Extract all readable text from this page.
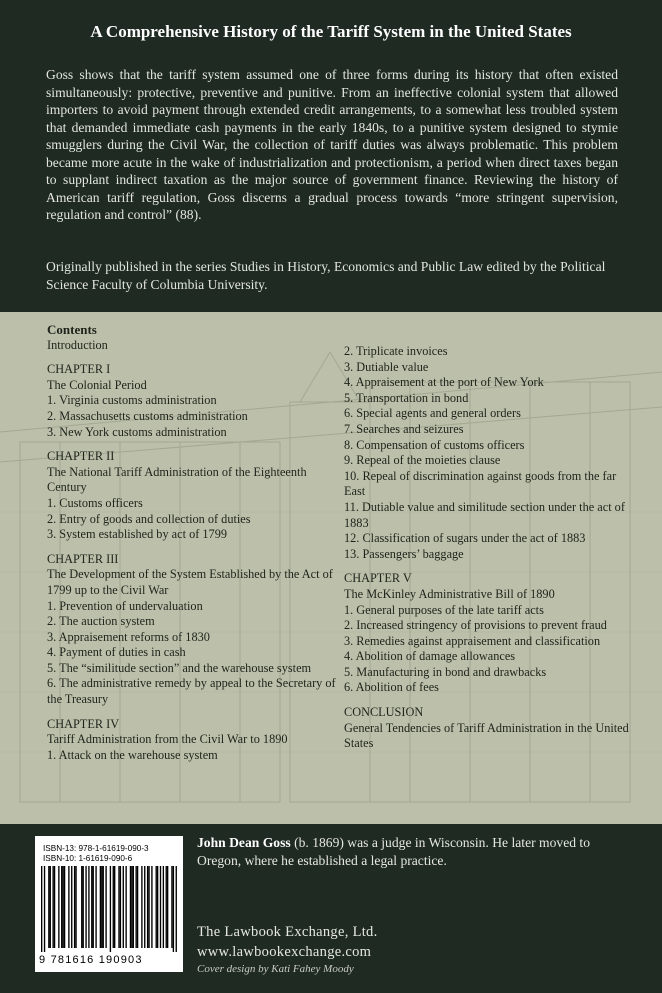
A Comprehensive History of the Tariff System in the United States

Goss shows that the tariff system assumed one of three forms during its history that often existed simultaneously: protective, preventive and punitive. From an ineffective colonial system that allowed importers to avoid payment through extended credit arrangements, to a somewhat less troubled system that demanded immediate cash payments in the early 1840s, to a punitive system designed to stymie smugglers during the Civil War, the collection of tariff duties was always problematic. This problem became more acute in the wake of industrialization and protectionism, a period when direct taxes began to supplant indirect taxation as the major source of government finance. Reviewing the history of American tariff regulation, Goss discerns a gradual process towards “more stringent supervision, regulation and control” (88).

Originally published in the series Studies in History, Economics and Public Law edited by the Political Science Faculty of Columbia University.

Contents
Introduction
CHAPTER I
The Colonial Period
1. Virginia customs administration
2. Massachusetts customs administration
3. New York customs administration
CHAPTER II
The National Tariff Administration of the Eighteenth Century
1. Customs officers
2. Entry of goods and collection of duties
3. System established by act of 1799
CHAPTER III
The Development of the System Established by the Act of 1799 up to the Civil War
1. Prevention of undervaluation
2. The auction system
3. Appraisement reforms of 1830
4. Payment of duties in cash
5. The “similitude section” and the warehouse system
6. The administrative remedy by appeal to the Secretary of the Treasury
CHAPTER IV
Tariff Administration from the Civil War to 1890
1. Attack on the warehouse system
2. Triplicate invoices
3. Dutiable value
4. Appraisement at the port of New York
5. Transportation in bond
6. Special agents and general orders
7. Searches and seizures
8. Compensation of customs officers
9. Repeal of the moieties clause
10. Repeal of discrimination against goods from the far East
11. Dutiable value and similitude section under the act of 1883
12. Classification of sugars under the act of 1883
13. Passengers’ baggage
CHAPTER V
The McKinley Administrative Bill of 1890
1. General purposes of the late tariff acts
2. Increased stringency of provisions to prevent fraud
3. Remedies against appraisement and classification
4. Abolition of damage allowances
5. Manufacturing in bond and drawbacks
6. Abolition of fees
CONCLUSION
General Tendencies of Tariff Administration in the United States

ISBN-13: 978-1-61619-090-3

ISBN-10: 1-61619-090-6

9 781616 190903

John Dean Goss (b. 1869) was a judge in Wisconsin. He later moved to Oregon, where he established a legal practice.

The Lawbook Exchange, Ltd.

www.lawbookexchange.com

Cover design by Kati Fahey Moody
